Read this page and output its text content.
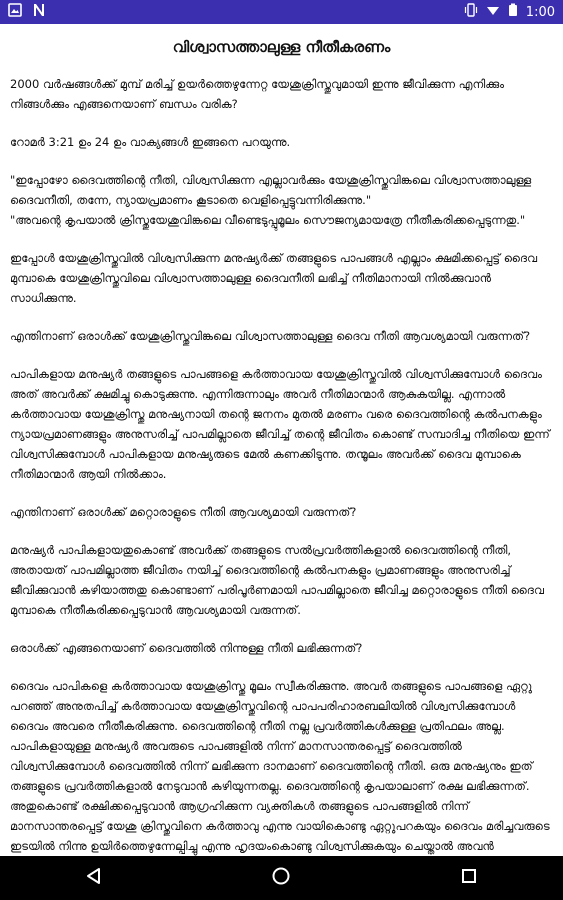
1:00
വിശ്വാസത്താലുള്ള നീതീകരണം

2000 വർഷങ്ങൾക്ക് മുമ്പ് മരിച്ച് ഉയർത്തെഴുന്നേറ്റ യേശുക്രിസ്തുവുമായി ഇന്നു ജീവിക്കുന്ന എനിക്കും നിങ്ങൾക്കും എങ്ങനെയാണ് ബന്ധം വരിക?

റോമർ 3:21 ഉം 24 ഉം വാക്യങ്ങൾ ഇങ്ങനെ പറയുന്നു.

"ഇപ്പോഴോ ദൈവത്തിന്റെ നീതി, വിശ്വസിക്കുന്ന എല്ലാവർക്കും യേശുക്രിസ്തുവിങ്കലെ വിശ്വാസത്താലുള്ള ദൈവനീതി, തന്നേ, ന്യായപ്രമാണം കൂടാതെ വെളിപ്പെട്ടുവന്നിരിക്കുന്നു."
"അവന്റെ കൃപയാൽ ക്രിസ്തുയേശുവിങ്കലെ വീണ്ടെടുപ്പുമൂലം സൌജന്യമായത്രേ നീതീകരിക്കപ്പെടുന്നതു."

ഇപ്പോൾ യേശുക്രിസ്തുവിൽ വിശ്വസിക്കുന്ന മനുഷ്യർക്ക് തങ്ങളുടെ പാപങ്ങൾ എല്ലാം ക്ഷമിക്കപ്പെട്ട് ദൈവ മുമ്പാകെ യേശുക്രിസ്തുവിലെ വിശ്വാസത്താലുള്ള ദൈവനീതി ലഭിച്ച് നീതിമാനായി നിൽക്കുവാൻ സാധിക്കുന്നു.

എന്തിനാണ് ഒരാൾക്ക് യേശുക്രിസ്തുവിങ്കലെ വിശ്വാസത്താലുള്ള ദൈവ നീതി ആവശ്യമായി വരുന്നത്?

പാപികളായ മനുഷ്യർ തങ്ങളുടെ പാപങ്ങളെ കർത്താവായ യേശുക്രിസ്തുവിൽ വിശ്വസിക്കുമ്പോൾ ദൈവം അത് അവർക്ക് ക്ഷമിച്ചു കൊടുക്കുന്നു. എന്നിരുന്നാലും അവർ നീതിമാന്മാർ ആകുകയില്ല. എന്നാൽ കർത്താവായ യേശുക്രിസ്തു മനുഷ്യനായി തന്റെ ജനനം മുതൽ മരണം വരെ ദൈവത്തിന്റെ കൽപനകളും ന്യായപ്രമാണങ്ങളും അനുസരിച്ച് പാപമില്ലാതെ ജീവിച്ച് തന്റെ ജീവിതം കൊണ്ട് സമ്പാദിച്ച നീതിയെ ഇന്ന് വിശ്വസിക്കുമ്പോൾ പാപികളായ മനുഷ്യരുടെ മേൽ കണക്കിടുന്നു. തന്മൂലം അവർക്ക് ദൈവ മുമ്പാകെ നീതിമാന്മാർ ആയി നിൽക്കാം.

എന്തിനാണ് ഒരാൾക്ക് മറ്റൊരാളുടെ നീതി ആവശ്യമായി വരുന്നത്?

മനുഷ്യർ പാപികളായതുകൊണ്ട് അവർക്ക് തങ്ങളുടെ സൽപ്രവർത്തികളാൽ ദൈവത്തിന്റെ നീതി, അതായത് പാപമില്ലാത്ത ജീവിതം നയിച്ച് ദൈവത്തിന്റെ കൽപനകളും പ്രമാണങ്ങളും അനുസരിച്ച് ജീവിക്കുവാൻ കഴിയാത്തതു കൊണ്ടാണ് പരിപൂർണമായി പാപമില്ലാതെ ജീവിച്ച മറ്റൊരാളുടെ നീതി ദൈവ മുമ്പാകെ നീതീകരിക്കപ്പെടുവാൻ ആവശ്യമായി വരുന്നത്.

ഒരാൾക്ക് എങ്ങനെയാണ് ദൈവത്തിൽ നിന്നുള്ള നീതി ലഭിക്കുന്നത്?

ദൈവം പാപികളെ കർത്താവായ യേശുക്രിസ്തു മൂലം സ്വീകരിക്കുന്നു. അവർ തങ്ങളുടെ പാപങ്ങളെ ഏറ്റു പറഞ്ഞ് അനുതപിച്ച് കർത്താവായ യേശുക്രിസ്തുവിന്റെ പാപപരിഹാരബലിയിൽ വിശ്വസിക്കുമ്പോൾ ദൈവം അവരെ നീതീകരിക്കുന്നു. ദൈവത്തിന്റെ നീതി നല്ല പ്രവർത്തികൾക്കുള്ള പ്രതിഫലം അല്ല. പാപികളായുള്ള മനുഷ്യർ അവരുടെ പാപങ്ങളിൽ നിന്ന് മാനസാന്തരപ്പെട്ട് ദൈവത്തിൽ വിശ്വസിക്കുമ്പോൾ ദൈവത്തിൽ നിന്ന് ലഭിക്കുന്ന ദാനമാണ് ദൈവത്തിന്റെ നീതി. ഒരു മനുഷ്യനും ഇത് തങ്ങളുടെ പ്രവർത്തികളാൽ നേടുവാൻ കഴിയുന്നതല്ല. ദൈവത്തിന്റെ കൃപയാലാണ് രക്ഷ ലഭിക്കുന്നത്. അതുകൊണ്ട് രക്ഷിക്കപ്പെടുവാൻ ആഗ്രഹിക്കുന്ന വ്യക്തികൾ തങ്ങളുടെ പാപങ്ങളിൽ നിന്ന് മാനസാന്തരപ്പെട്ട് യേശു ക്രിസ്തുവിനെ കർത്താവു എന്നു വായികൊണ്ടു ഏറ്റുപറകയും ദൈവം മരിച്ചവരുടെ ഇടയിൽ നിന്നു ഉയിർത്തെഴുന്നേല്പിച്ചു എന്നു ഹൃദയംകൊണ്ടു വിശ്വസിക്കുകയും ചെയ്താൽ അവൻ
